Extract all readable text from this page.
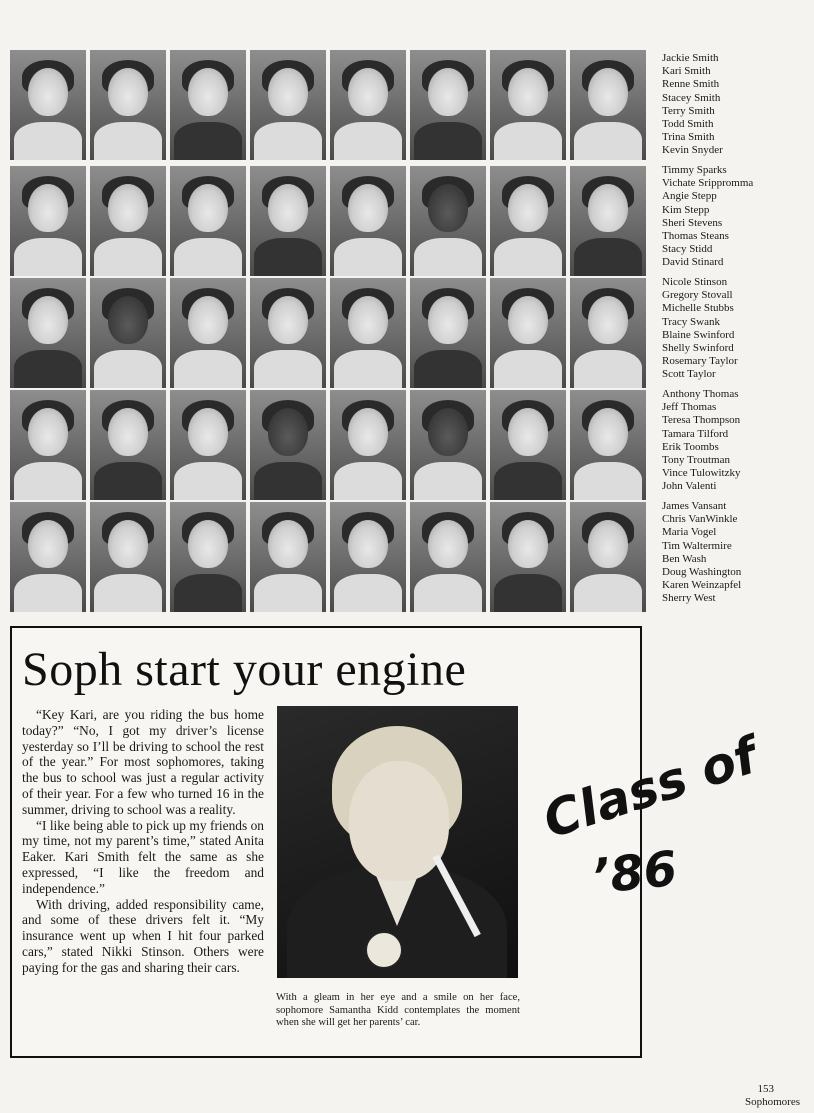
Jackie Smith
Kari Smith
Renne Smith
Stacey Smith
Terry Smith
Todd Smith
Trina Smith
Kevin Snyder
Timmy Sparks
Vichate Srippromma
Angie Stepp
Kim Stepp
Sheri Stevens
Thomas Steans
Stacy Stidd
David Stinard
Nicole Stinson
Gregory Stovall
Michelle Stubbs
Tracy Swank
Blaine Swinford
Shelly Swinford
Rosemary Taylor
Scott Taylor
Anthony Thomas
Jeff Thomas
Teresa Thompson
Tamara Tilford
Erik Toombs
Tony Troutman
Vince Tulowitzky
John Valenti
James Vansant
Chris VanWinkle
Maria Vogel
Tim Waltermire
Ben Wash
Doug Washington
Karen Weinzapfel
Sherry West
Soph start your engine

“Key Kari, are you riding the bus home today?” “No, I got my driver’s license yesterday so I’ll be driving to school the rest of the year.” For most sophomores, taking the bus to school was just a regular activity of their year. For a few who turned 16 in the summer, driving to school was a reality.

“I like being able to pick up my friends on my time, not my parent’s time,” stated Anita Eaker. Kari Smith felt the same as she expressed, “I like the freedom and independence.”

With driving, added responsibility came, and some of these drivers felt it. “My insurance went up when I hit four parked cars,” stated Nikki Stinson. Others were paying for the gas and sharing their cars.

With a gleam in her eye and a smile on her face, sophomore Samantha Kidd contemplates the moment when she will get her parents’ car.
Class of
’86
153
Sophomores
